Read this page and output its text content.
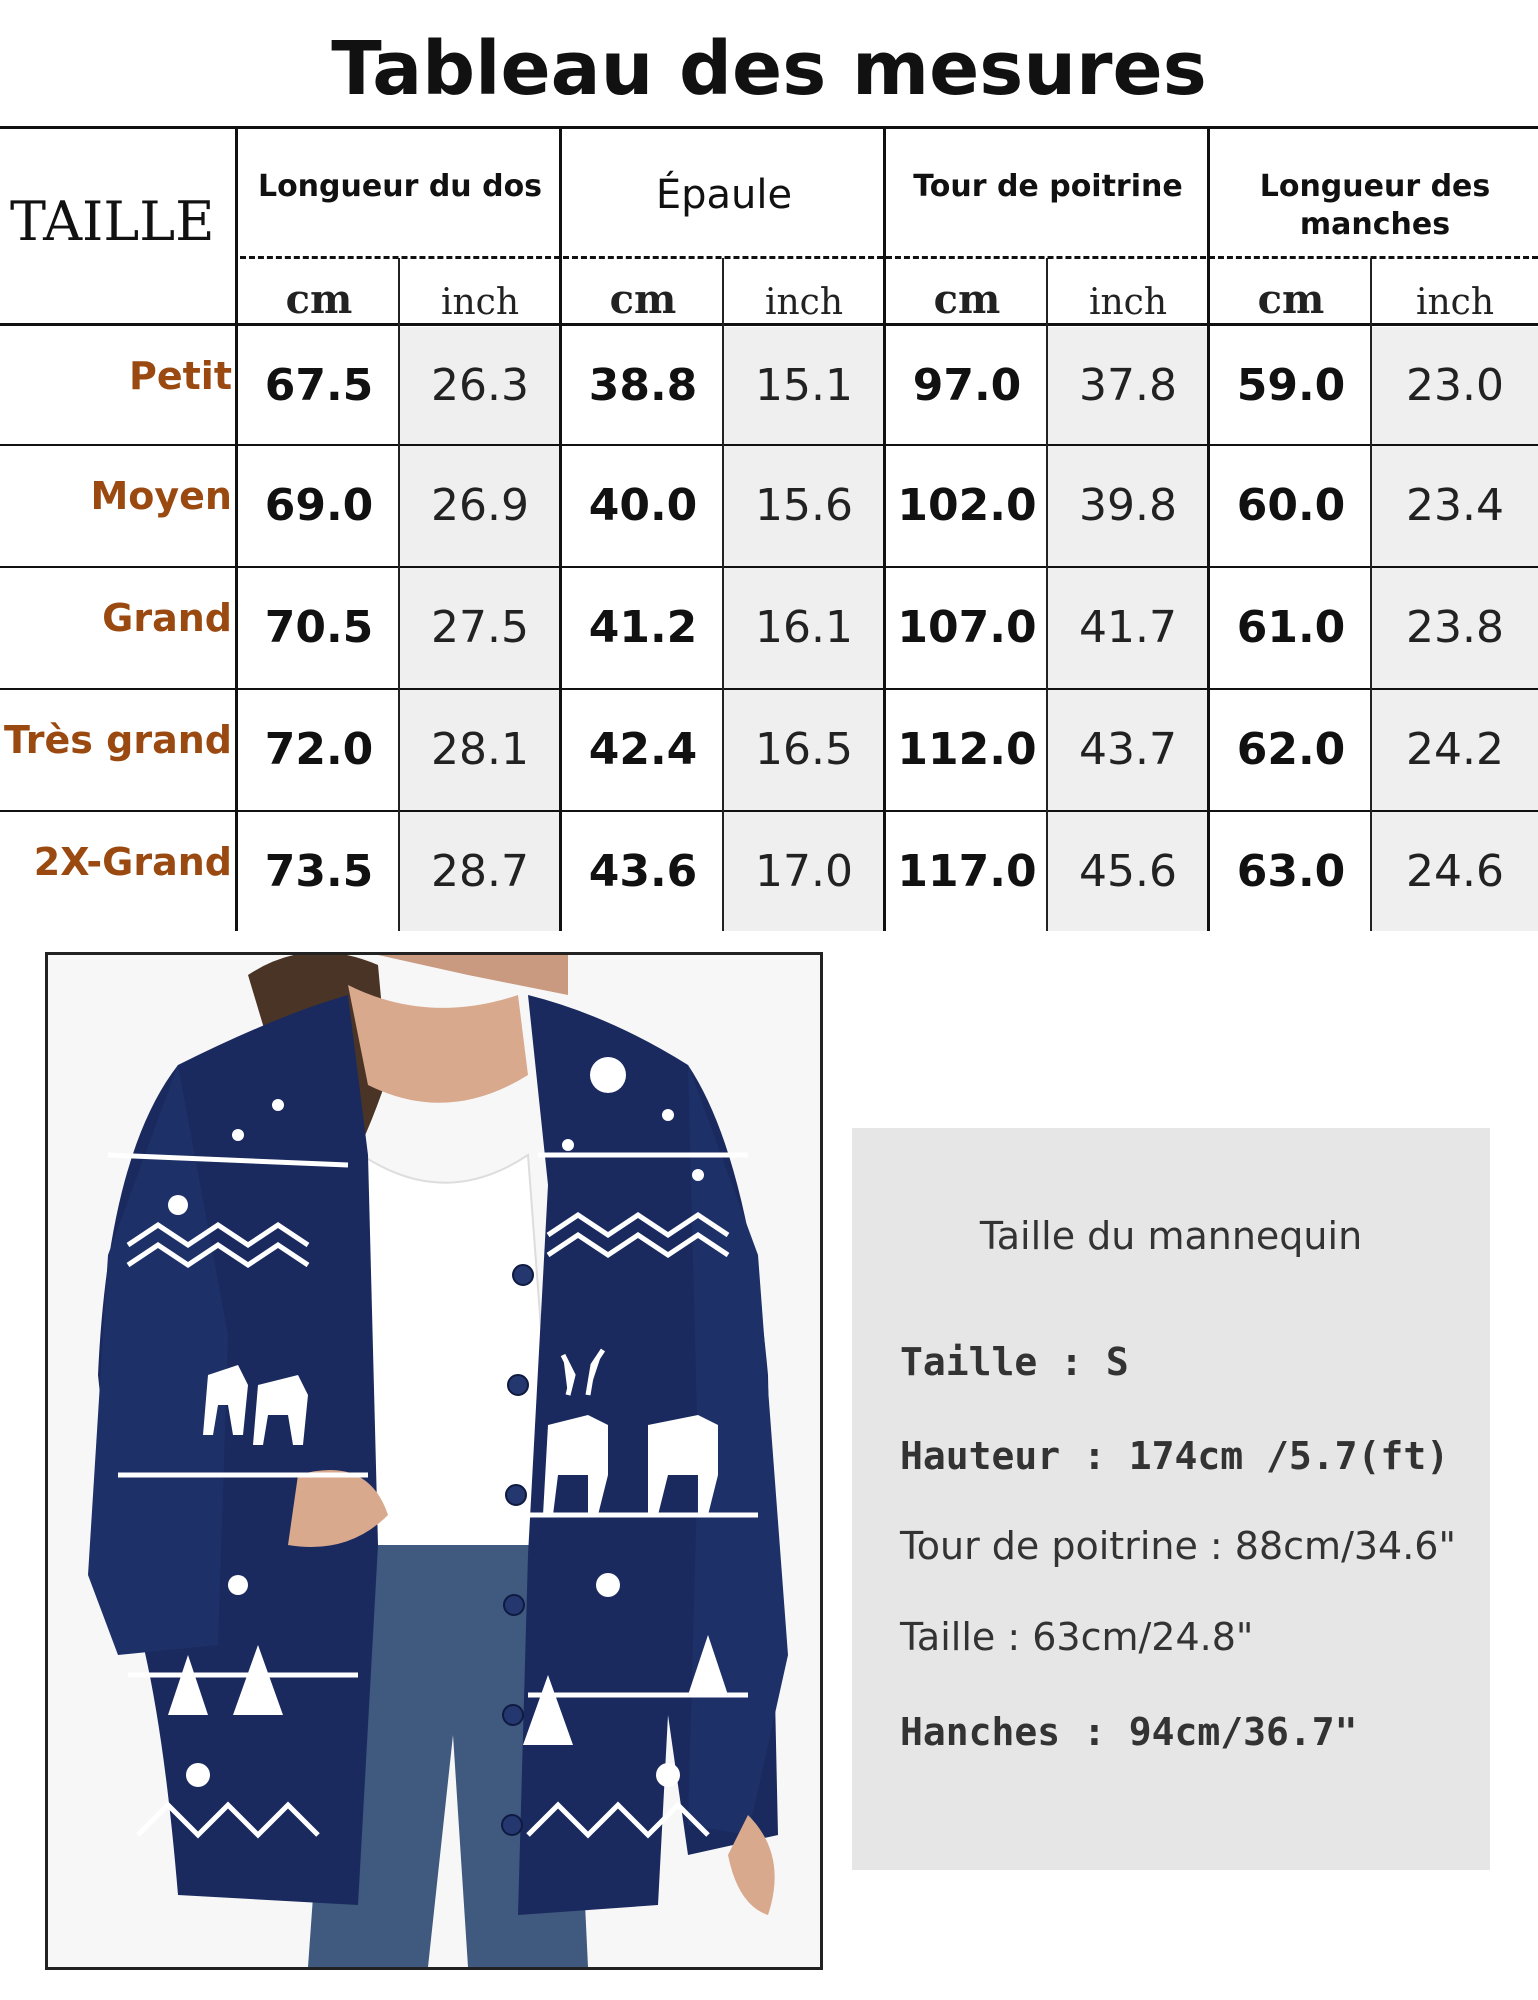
Tableau des mesures
TAILLE
Longueur du dos	Épaule	Tour de poitrine	Longueur des manches
cm	inch	cm	inch	cm	inch	cm	inch
Petit 67.5	26.3	38.8	15.1	97.0	37.8	59.0	23.0
Moyen 69.0	26.9	40.0	15.6	102.0 39.8	60.0	23.4
Grand 70.5	27.5	41.2	16.1	107.0 41.7	61.0	23.8
Très grand 72.0	28.1	42.4	16.5	112.0 43.7	62.0	24.2
2X-Grand 73.5	28.7	43.6	17.0	117.0 45.6	63.0	24.6
Taille du mannequin
Taille : S
Hauteur : 174cm /5.7(ft)
Tour de poitrine : 88cm/34.6"
Taille : 63cm/24.8"
Hanches : 94cm/36.7"
